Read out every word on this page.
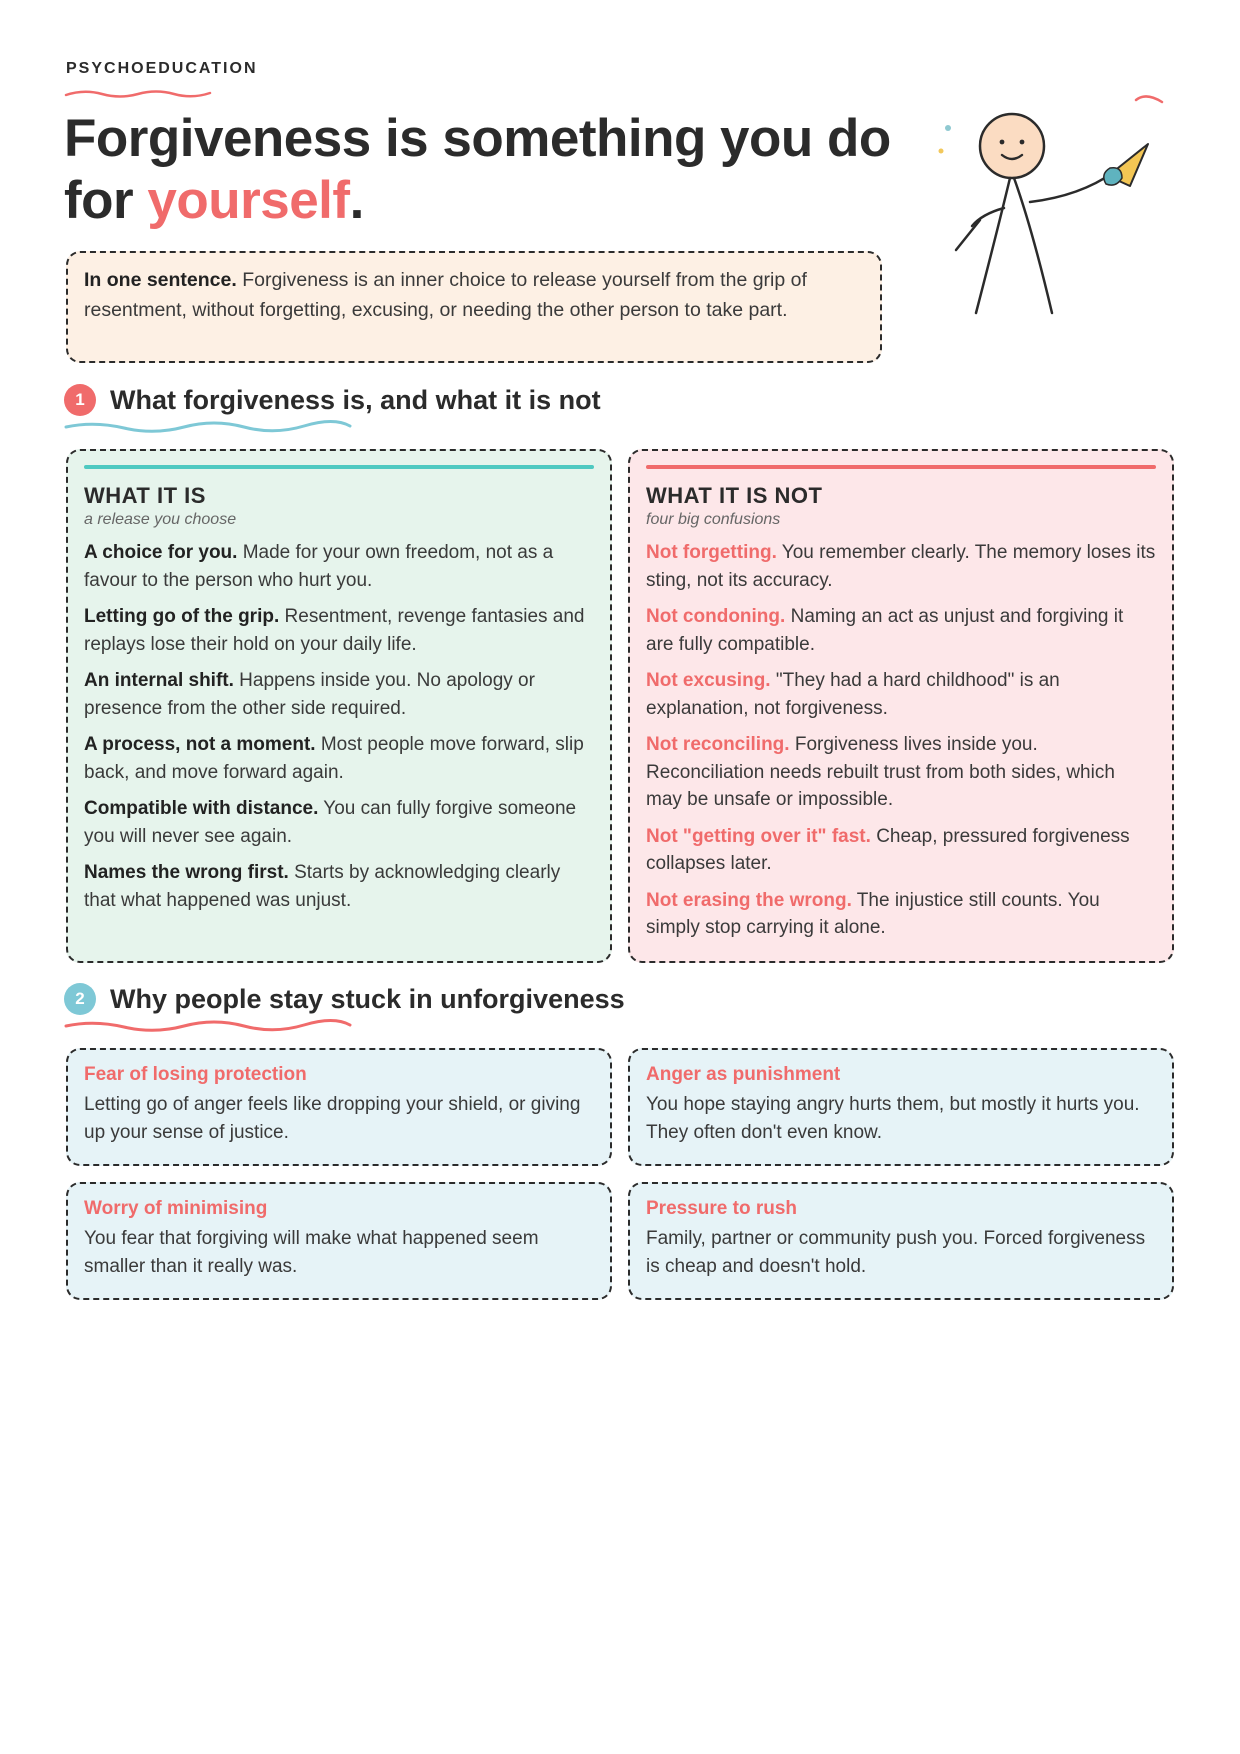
PSYCHOEDUCATION
Forgiveness is something you do for yourself.
In one sentence. Forgiveness is an inner choice to release yourself from the grip of resentment, without forgetting, excusing, or needing the other person to take part.
1 What forgiveness is, and what it is not
WHAT IT IS
a release you choose
A choice for you. Made for your own freedom, not as a favour to the person who hurt you.
Letting go of the grip. Resentment, revenge fantasies and replays lose their hold on your daily life.
An internal shift. Happens inside you. No apology or presence from the other side required.
A process, not a moment. Most people move forward, slip back, and move forward again.
Compatible with distance. You can fully forgive someone you will never see again.
Names the wrong first. Starts by acknowledging clearly that what happened was unjust.
WHAT IT IS NOT
four big confusions
Not forgetting. You remember clearly. The memory loses its sting, not its accuracy.
Not condoning. Naming an act as unjust and forgiving it are fully compatible.
Not excusing. "They had a hard childhood" is an explanation, not forgiveness.
Not reconciling. Forgiveness lives inside you. Reconciliation needs rebuilt trust from both sides, which may be unsafe or impossible.
Not "getting over it" fast. Cheap, pressured forgiveness collapses later.
Not erasing the wrong. The injustice still counts. You simply stop carrying it alone.
2 Why people stay stuck in unforgiveness
Fear of losing protection

Letting go of anger feels like dropping your shield, or giving up your sense of justice.

Anger as punishment

You hope staying angry hurts them, but mostly it hurts you. They often don't even know.

Worry of minimising

You fear that forgiving will make what happened seem smaller than it really was.

Pressure to rush

Family, partner or community push you. Forced forgiveness is cheap and doesn't hold.
